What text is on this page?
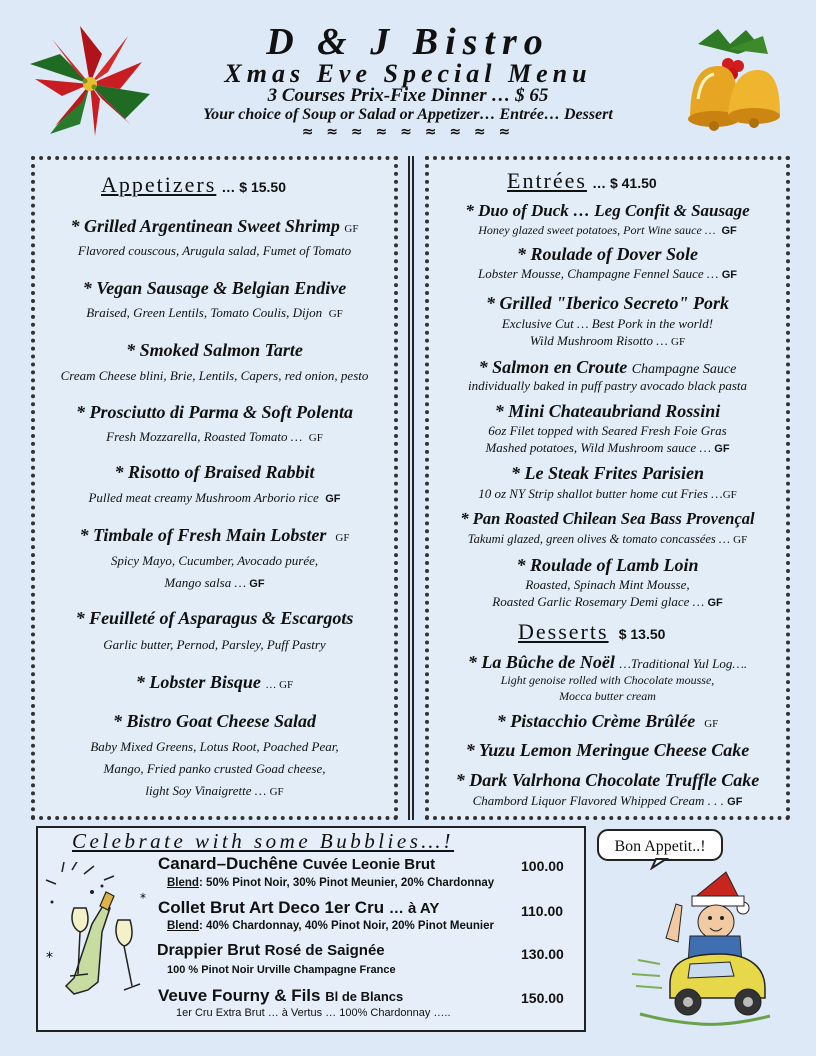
D & J Bistro
Xmas Eve Special Menu
3 Courses Prix-Fixe Dinner … $ 65
Your choice of Soup or Salad or Appetizer… Entrée… Dessert
≈ ≈ ≈ ≈ ≈ ≈ ≈ ≈ ≈
Appetizers … $ 15.50
* Grilled Argentinean Sweet Shrimp GF
Flavored couscous, Arugula salad, Fumet of Tomato
* Vegan Sausage & Belgian Endive
Braised, Green Lentils, Tomato Coulis, Dijon GF
* Smoked Salmon Tarte
Cream Cheese blini, Brie, Lentils, Capers, red onion, pesto
* Prosciutto di Parma & Soft Polenta
Fresh Mozzarella, Roasted Tomato … GF
* Risotto of Braised Rabbit
Pulled meat creamy Mushroom Arborio rice GF
* Timbale of Fresh Main Lobster GF
Spicy Mayo, Cucumber, Avocado purée,
Mango salsa … GF
* Feuilleté of Asparagus & Escargots
Garlic butter, Pernod, Parsley, Puff Pastry
* Lobster Bisque … GF
* Bistro Goat Cheese Salad
Baby Mixed Greens, Lotus Root, Poached Pear,
Mango, Fried panko crusted Goad cheese,
light Soy Vinaigrette … GF
Entrées … $ 41.50
* Duo of Duck … Leg Confit & Sausage
Honey glazed sweet potatoes, Port Wine sauce … GF
* Roulade of Dover Sole
Lobster Mousse, Champagne Fennel Sauce … GF
* Grilled "Iberico Secreto" Pork
Exclusive Cut … Best Pork in the world!
Wild Mushroom Risotto … GF
* Salmon en Croute Champagne Sauce
individually baked in puff pastry avocado black pasta
* Mini Chateaubriand Rossini
6oz Filet topped with Seared Fresh Foie Gras
Mashed potatoes, Wild Mushroom sauce … GF
* Le Steak Frites Parisien
10 oz NY Strip shallot butter home cut Fries …GF
* Pan Roasted Chilean Sea Bass Provençal
Takumi glazed, green olives & tomato concassées … GF
* Roulade of Lamb Loin
Roasted, Spinach Mint Mousse,
Roasted Garlic Rosemary Demi glace … GF
Desserts $ 13.50
* La Bûche de Noël …Traditional Yul Log….
Light genoise rolled with Chocolate mousse,
Mocca butter cream
* Pistacchio Crème Brûlée GF
* Yuzu Lemon Meringue Cheese Cake
* Dark Valrhona Chocolate Truffle Cake
Chambord Liquor Flavored Whipped Cream . . . GF
Celebrate with some Bubblies…!
*
*
Canard–Duchêne Cuvée Leonie Brut	100.00
Blend: 50% Pinot Noir, 30% Pinot Meunier, 20% Chardonnay
Collet Brut Art Deco 1er Cru … à AY	110.00
Blend: 40% Chardonnay, 40% Pinot Noir, 20% Pinot Meunier
Drappier Brut Rosé de Saignée	130.00
100 % Pinot Noir Urville Champagne France
Veuve Fourny & Fils Bl de Blancs	150.00
1er Cru Extra Brut … à Vertus … 100% Chardonnay …..
Bon Appetit..!
